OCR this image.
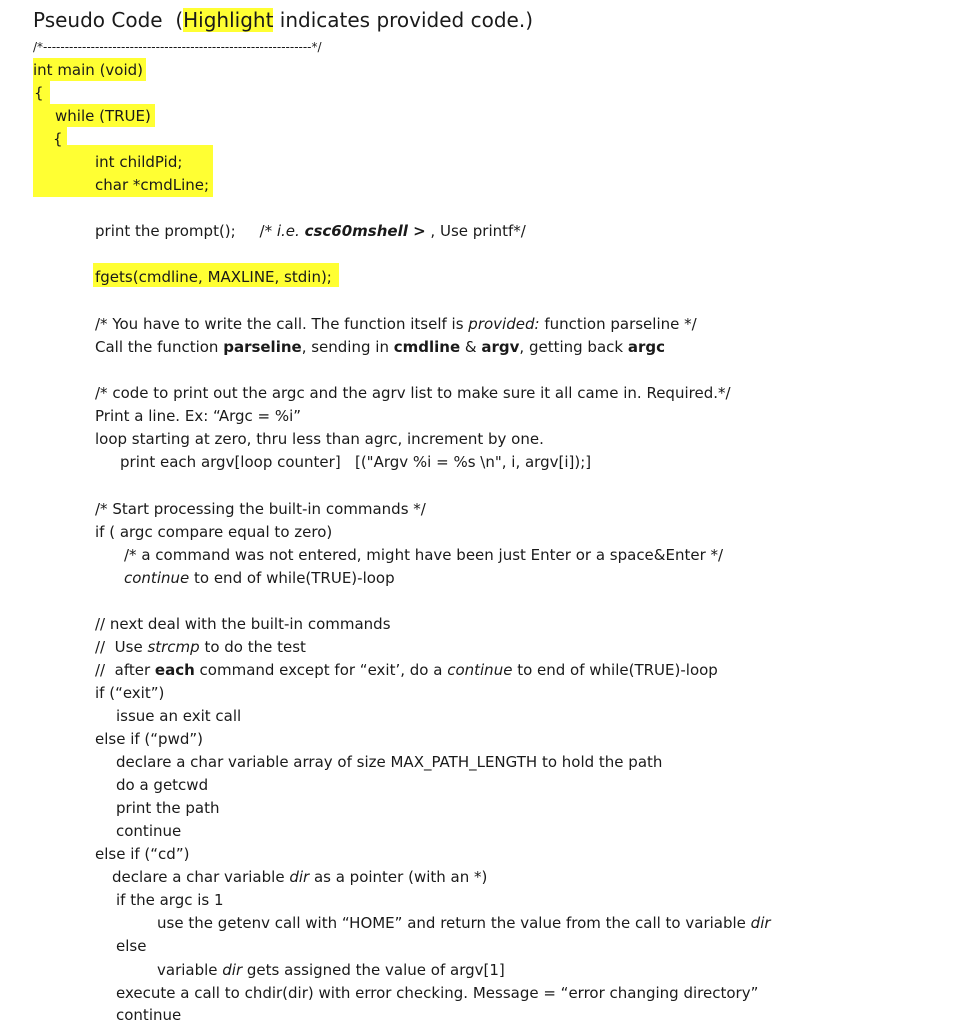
Pseudo Code  (Highlight indicates provided code.)
/*--------------------------------------------------------------*/
int main (void)
{
while (TRUE)
{
int childPid;
char *cmdLine;
print the prompt();     /* i.e. csc60mshell > , Use printf*/
fgets(cmdline, MAXLINE, stdin);
/* You have to write the call. The function itself is provided: function parseline */
Call the function parseline, sending in cmdline & argv, getting back argc
/* code to print out the argc and the agrv list to make sure it all came in. Required.*/
Print a line. Ex: “Argc = %i”
loop starting at zero, thru less than agrc, increment by one.
print each argv[loop counter]   [("Argv %i = %s \n", i, argv[i]);]
/* Start processing the built-in commands */
if ( argc compare equal to zero)
/* a command was not entered, might have been just Enter or a space&Enter */
continue to end of while(TRUE)-loop
// next deal with the built-in commands
//  Use strcmp to do the test
//  after each command except for “exit’, do a continue to end of while(TRUE)-loop
if (“exit”)
issue an exit call
else if (“pwd”)
declare a char variable array of size MAX_PATH_LENGTH to hold the path
do a getcwd
print the path
continue
else if (“cd”)
declare a char variable dir as a pointer (with an *)
if the argc is 1
use the getenv call with “HOME” and return the value from the call to variable dir
else
variable dir gets assigned the value of argv[1]
execute a call to chdir(dir) with error checking. Message = “error changing directory”
continue
